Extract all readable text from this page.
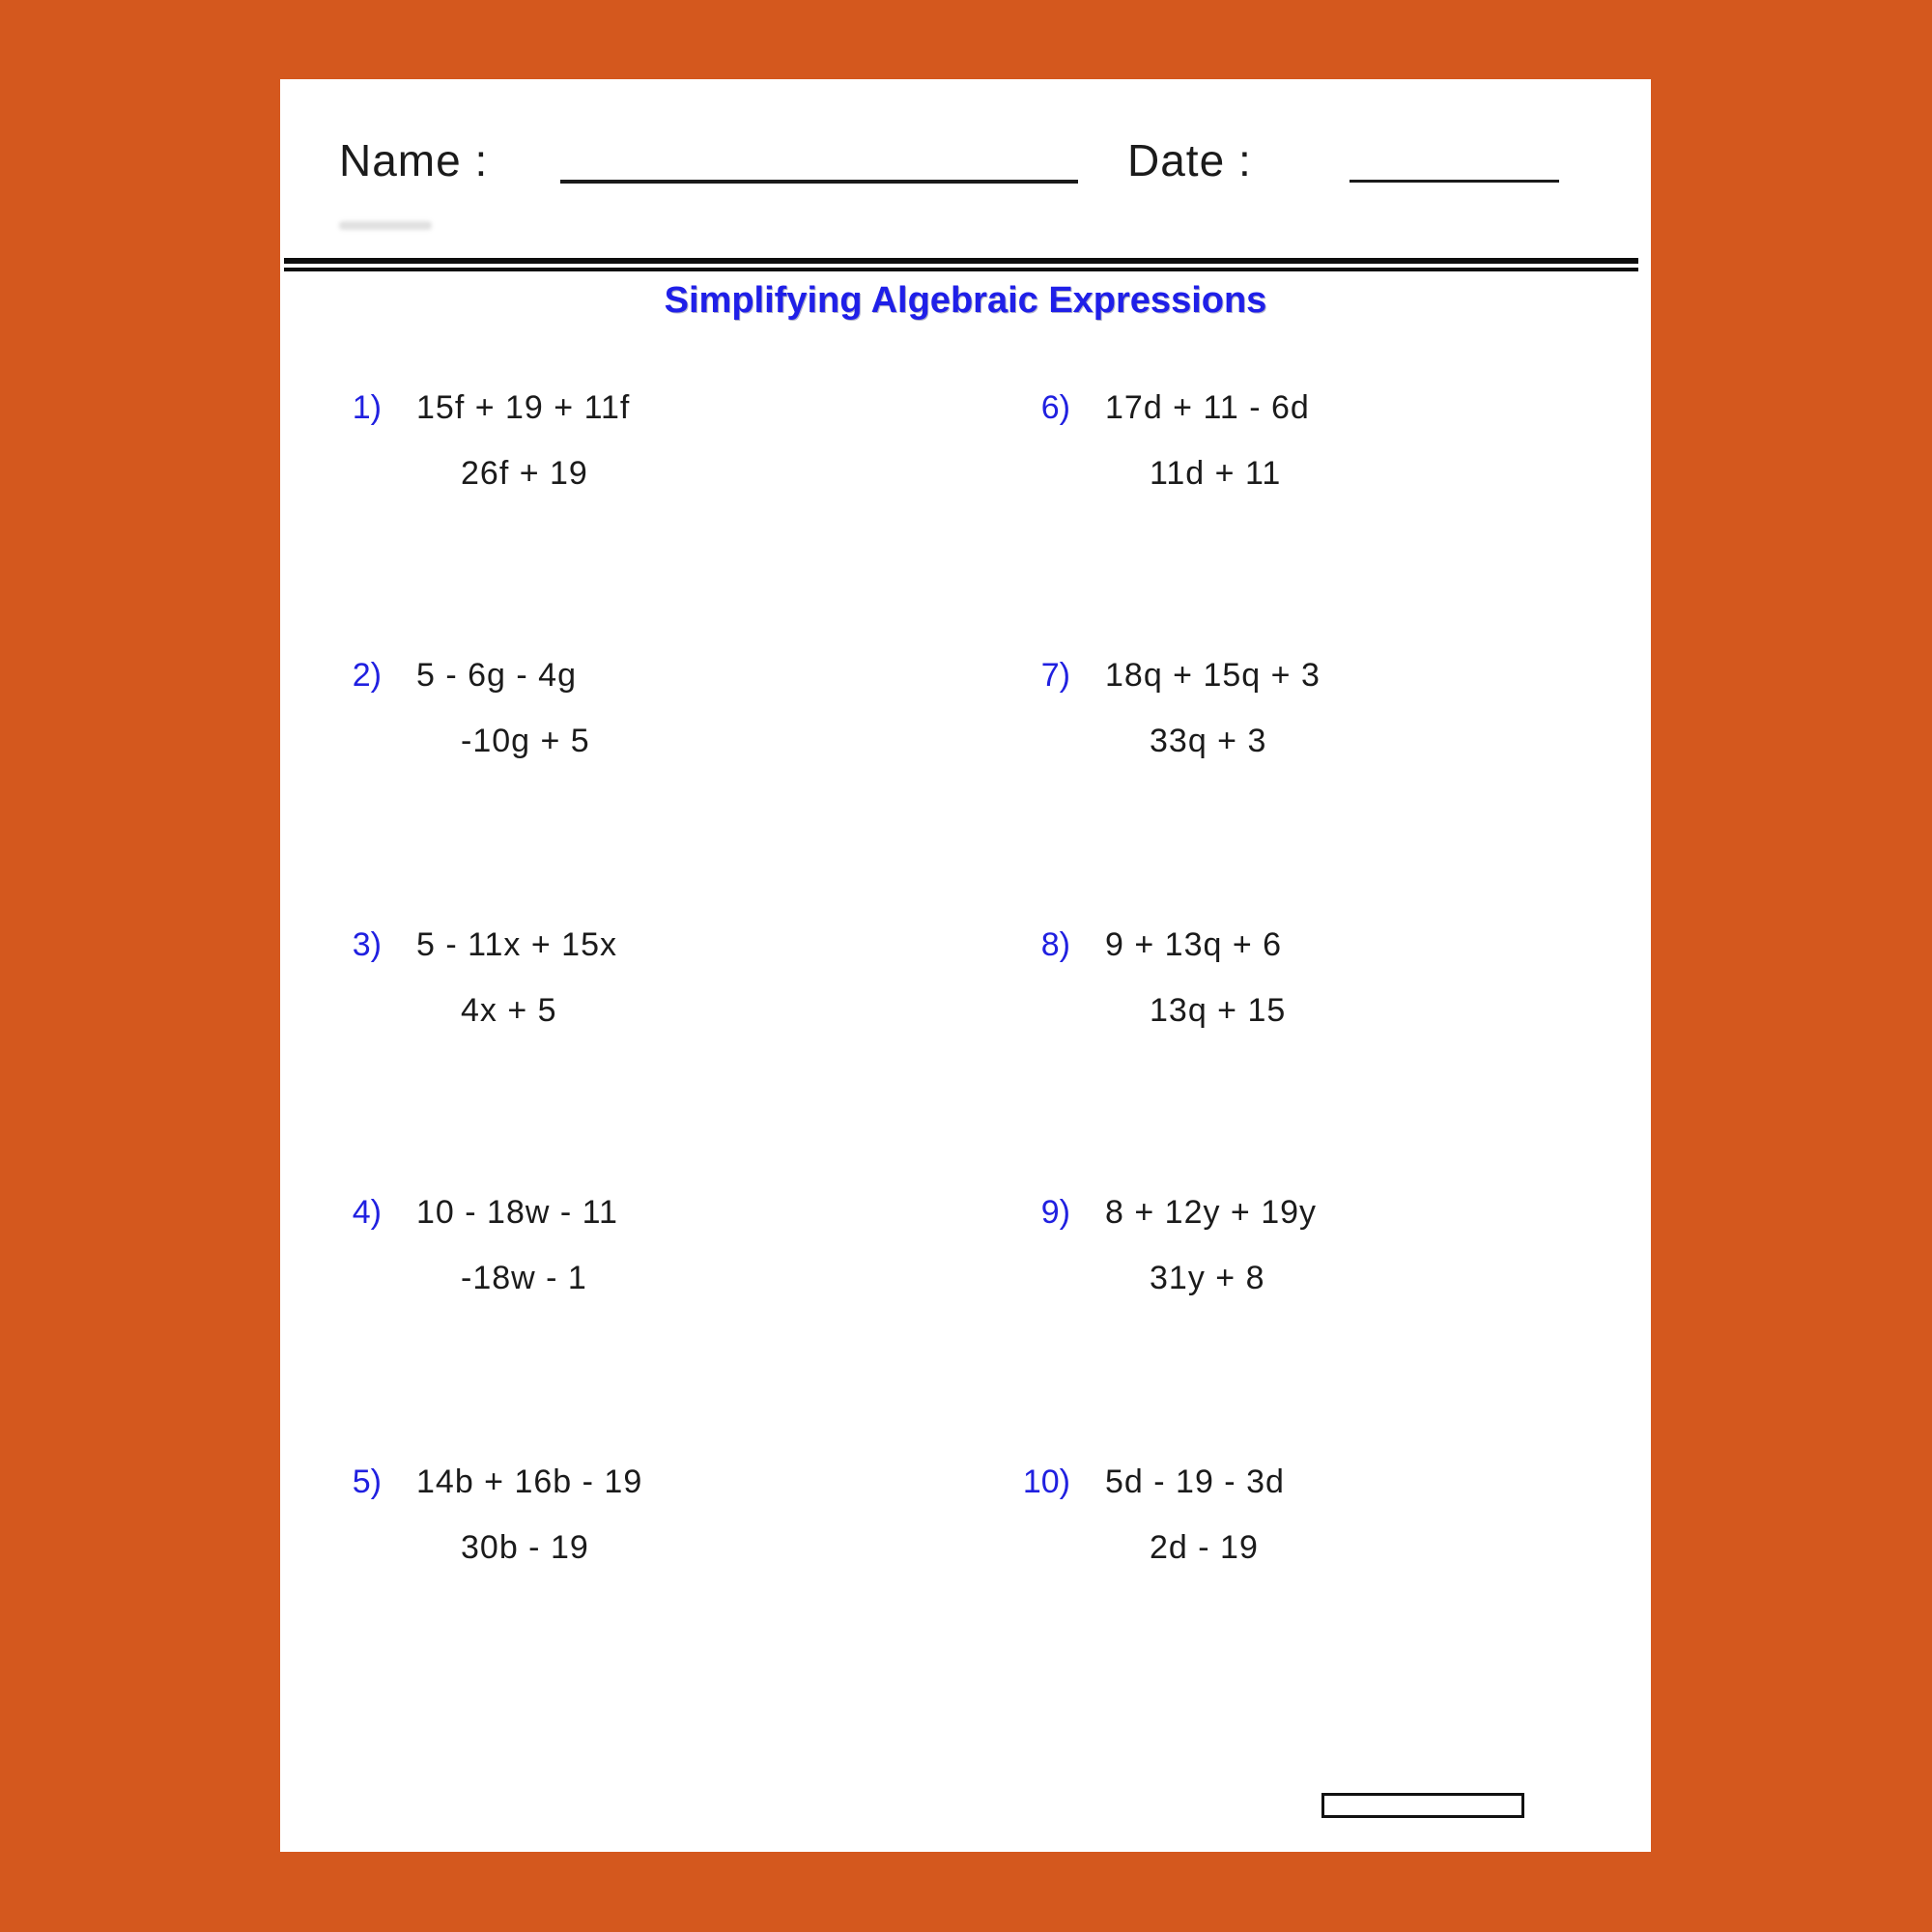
Name :	Date :
Simplifying Algebraic Expressions
1) 15f + 19 + 11f
26f + 19
2) 5 - 6g - 4g
-10g + 5
3) 5 - 11x + 15x
4x + 5
4) 10 - 18w - 11
-18w - 1
5) 14b + 16b - 19
30b - 19
6) 17d + 11 - 6d
11d + 11
7) 18q + 15q + 3
33q + 3
8) 9 + 13q + 6
13q + 15
9) 8 + 12y + 19y
31y + 8
10) 5d - 19 - 3d
2d - 19
